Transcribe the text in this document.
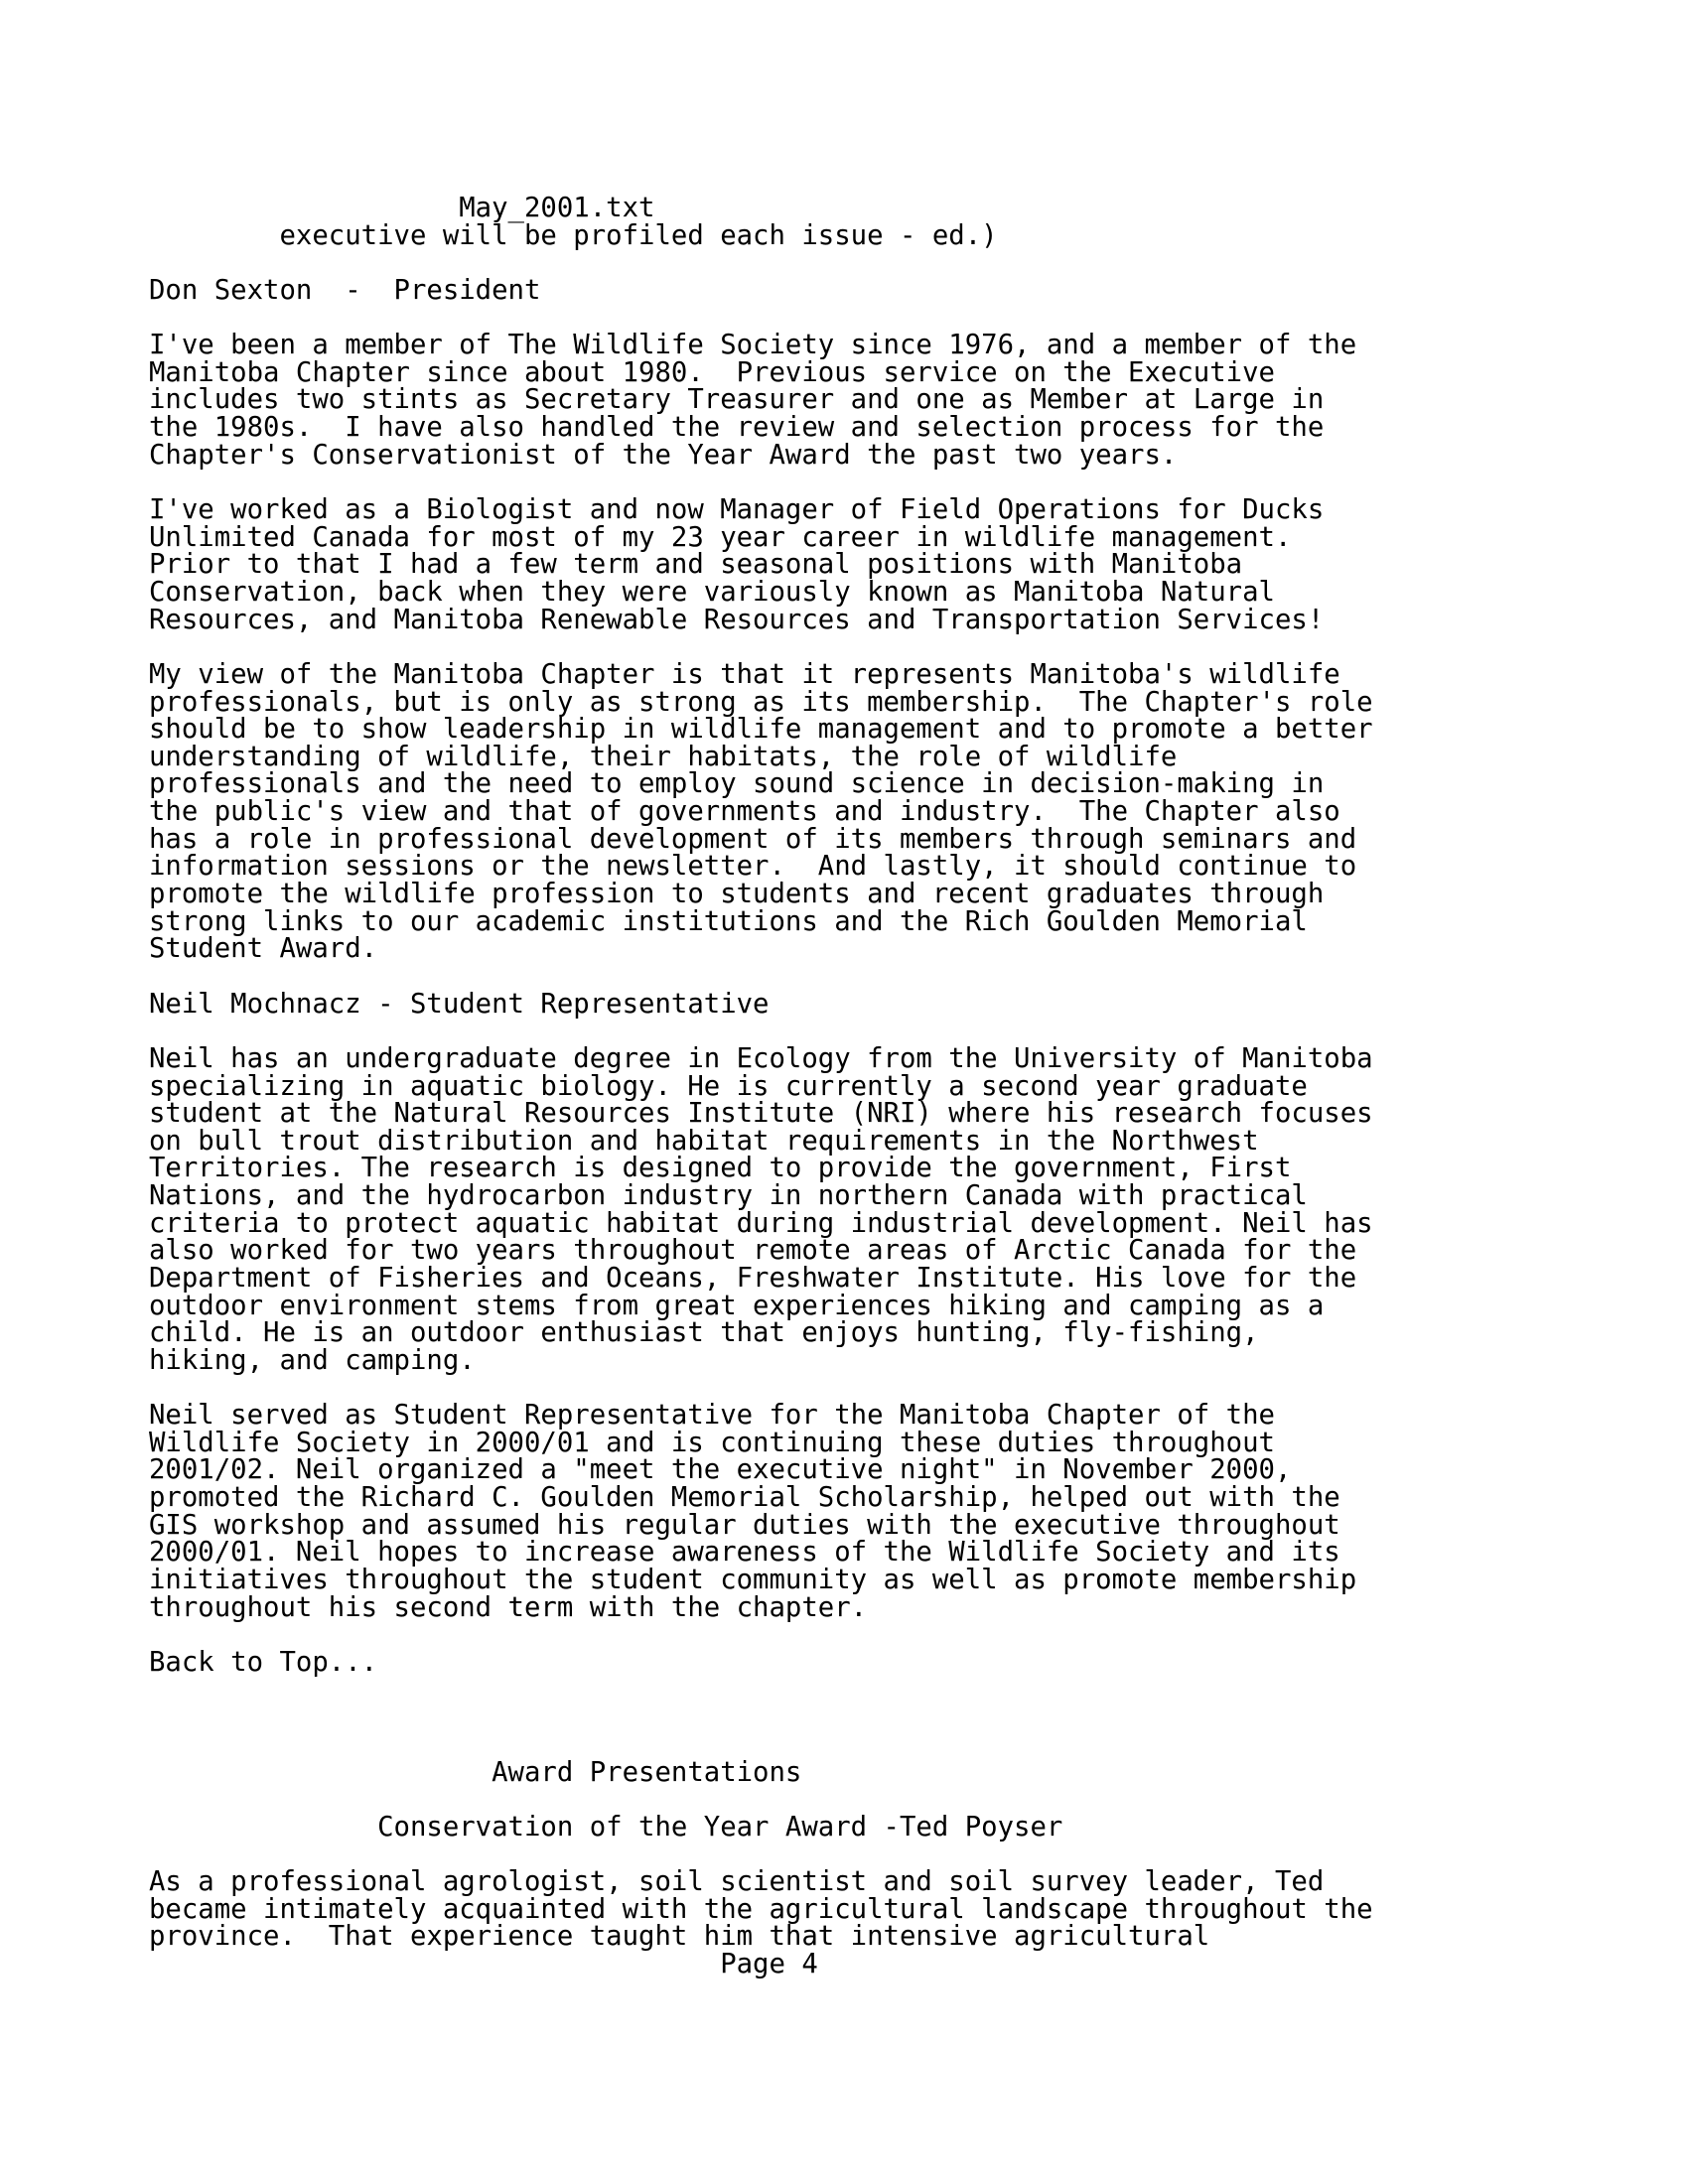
May_2001.txt
executive will be profiled each issue - ed.)
Don Sexton  -  President
I've been a member of The Wildlife Society since 1976, and a member of the
Manitoba Chapter since about 1980.  Previous service on the Executive
includes two stints as Secretary Treasurer and one as Member at Large in
the 1980s.  I have also handled the review and selection process for the
Chapter's Conservationist of the Year Award the past two years.
I've worked as a Biologist and now Manager of Field Operations for Ducks
Unlimited Canada for most of my 23 year career in wildlife management.
Prior to that I had a few term and seasonal positions with Manitoba
Conservation, back when they were variously known as Manitoba Natural
Resources, and Manitoba Renewable Resources and Transportation Services!
My view of the Manitoba Chapter is that it represents Manitoba's wildlife
professionals, but is only as strong as its membership.  The Chapter's role
should be to show leadership in wildlife management and to promote a better
understanding of wildlife, their habitats, the role of wildlife
professionals and the need to employ sound science in decision-making in
the public's view and that of governments and industry.  The Chapter also
has a role in professional development of its members through seminars and
information sessions or the newsletter.  And lastly, it should continue to
promote the wildlife profession to students and recent graduates through
strong links to our academic institutions and the Rich Goulden Memorial
Student Award.
Neil Mochnacz - Student Representative
Neil has an undergraduate degree in Ecology from the University of Manitoba
specializing in aquatic biology. He is currently a second year graduate
student at the Natural Resources Institute (NRI) where his research focuses
on bull trout distribution and habitat requirements in the Northwest
Territories. The research is designed to provide the government, First
Nations, and the hydrocarbon industry in northern Canada with practical
criteria to protect aquatic habitat during industrial development. Neil has
also worked for two years throughout remote areas of Arctic Canada for the
Department of Fisheries and Oceans, Freshwater Institute. His love for the
outdoor environment stems from great experiences hiking and camping as a
child. He is an outdoor enthusiast that enjoys hunting, fly-fishing,
hiking, and camping.
Neil served as Student Representative for the Manitoba Chapter of the
Wildlife Society in 2000/01 and is continuing these duties throughout
2001/02. Neil organized a "meet the executive night" in November 2000,
promoted the Richard C. Goulden Memorial Scholarship, helped out with the
GIS workshop and assumed his regular duties with the executive throughout
2000/01. Neil hopes to increase awareness of the Wildlife Society and its
initiatives throughout the student community as well as promote membership
throughout his second term with the chapter.
Back to Top...
Award Presentations
Conservation of the Year Award -Ted Poyser
As a professional agrologist, soil scientist and soil survey leader, Ted
became intimately acquainted with the agricultural landscape throughout the
province.  That experience taught him that intensive agricultural
Page 4
